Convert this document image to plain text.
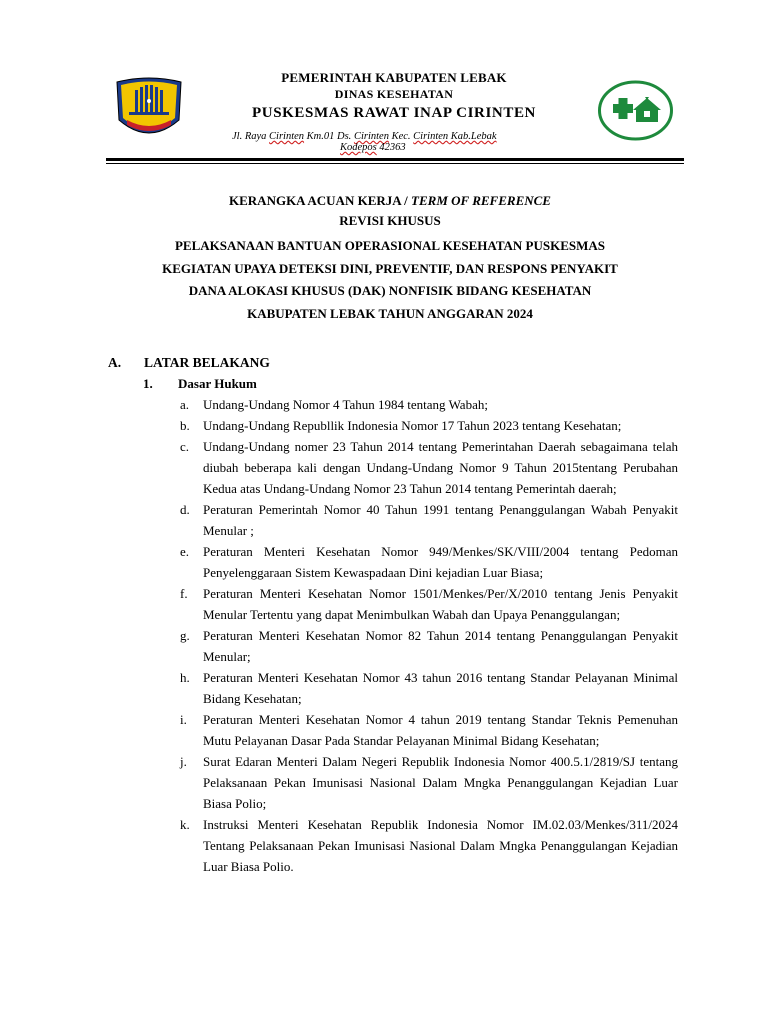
PEMERINTAH KABUPATEN LEBAK
DINAS KESEHATAN
PUSKESMAS RAWAT INAP CIRINTEN
Jl. Raya Cirinten Km.01 Ds. Cirinten Kec. Cirinten Kab.Lebak
Kodepos 42363
KERANGKA ACUAN KERJA / TERM OF REFERENCE
REVISI KHUSUS
PELAKSANAAN BANTUAN OPERASIONAL KESEHATAN PUSKESMAS
KEGIATAN UPAYA DETEKSI DINI, PREVENTIF, DAN RESPONS PENYAKIT
DANA ALOKASI KHUSUS (DAK) NONFISIK BIDANG KESEHATAN
KABUPATEN LEBAK TAHUN ANGGARAN 2024
A.	LATAR BELAKANG
1. Dasar Hukum
a.	Undang-Undang Nomor 4 Tahun 1984 tentang Wabah;
b.	Undang-Undang Republlik Indonesia Nomor 17 Tahun 2023 tentang Kesehatan;
c.	Undang-Undang nomer 23 Tahun 2014 tentang Pemerintahan Daerah sebagaimana telah diubah beberapa kali dengan Undang-Undang Nomor 9 Tahun 2015tentang Perubahan Kedua atas Undang-Undang Nomor 23 Tahun 2014 tentang Pemerintah daerah;
d.	Peraturan Pemerintah Nomor 40 Tahun 1991 tentang Penanggulangan Wabah Penyakit Menular ;
e.	Peraturan Menteri Kesehatan Nomor 949/Menkes/SK/VIII/2004 tentang Pedoman Penyelenggaraan Sistem Kewaspadaan Dini kejadian Luar Biasa;
f.	Peraturan Menteri Kesehatan Nomor 1501/Menkes/Per/X/2010 tentang Jenis Penyakit Menular Tertentu yang dapat Menimbulkan Wabah dan Upaya Penanggulangan;
g.	Peraturan Menteri Kesehatan Nomor 82 Tahun 2014 tentang Penanggulangan Penyakit Menular;
h.	Peraturan Menteri Kesehatan Nomor 43 tahun 2016 tentang Standar Pelayanan Minimal Bidang Kesehatan;
i.	Peraturan Menteri Kesehatan Nomor 4 tahun 2019 tentang Standar Teknis Pemenuhan Mutu Pelayanan Dasar Pada Standar Pelayanan Minimal Bidang Kesehatan;
j.	Surat Edaran Menteri Dalam Negeri Republik Indonesia Nomor 400.5.1/2819/SJ tentang Pelaksanaan Pekan Imunisasi Nasional Dalam Mngka Penanggulangan Kejadian Luar Biasa Polio;
k.	Instruksi Menteri Kesehatan Republik Indonesia Nomor IM.02.03/Menkes/311/2024 Tentang Pelaksanaan Pekan Imunisasi Nasional Dalam Mngka Penanggulangan Kejadian Luar Biasa Polio.
